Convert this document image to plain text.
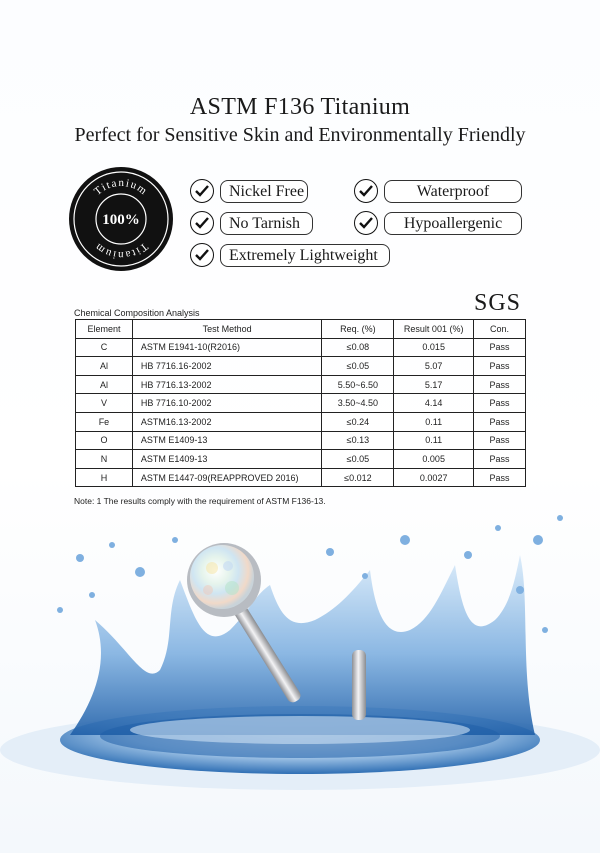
ASTM F136 Titanium
Perfect for Sensitive Skin and Environmentally Friendly
Titanium
Titanium
100%
Nickel Free	Waterproof
No Tarnish	Hypoallergenic
Extremely Lightweight
SGS
Chemical Composition Analysis
Element	Test Method	Req. (%)	Result 001 (%)	Con.
C	ASTM E1941-10(R2016)	≤0.08	0.015	Pass
Al	HB 7716.16-2002	≤0.05	5.07	Pass
Al	HB 7716.13-2002	5.50~6.50	5.17	Pass
V	HB 7716.10-2002	3.50~4.50	4.14	Pass
Fe	ASTM16.13-2002	≤0.24	0.11	Pass
O	ASTM E1409-13	≤0.13	0.11	Pass
N	ASTM E1409-13	≤0.05	0.005	Pass
H	ASTM E1447-09(REAPPROVED 2016)	≤0.012	0.0027	Pass
Note: 1 The results comply with the requirement of ASTM F136-13.
